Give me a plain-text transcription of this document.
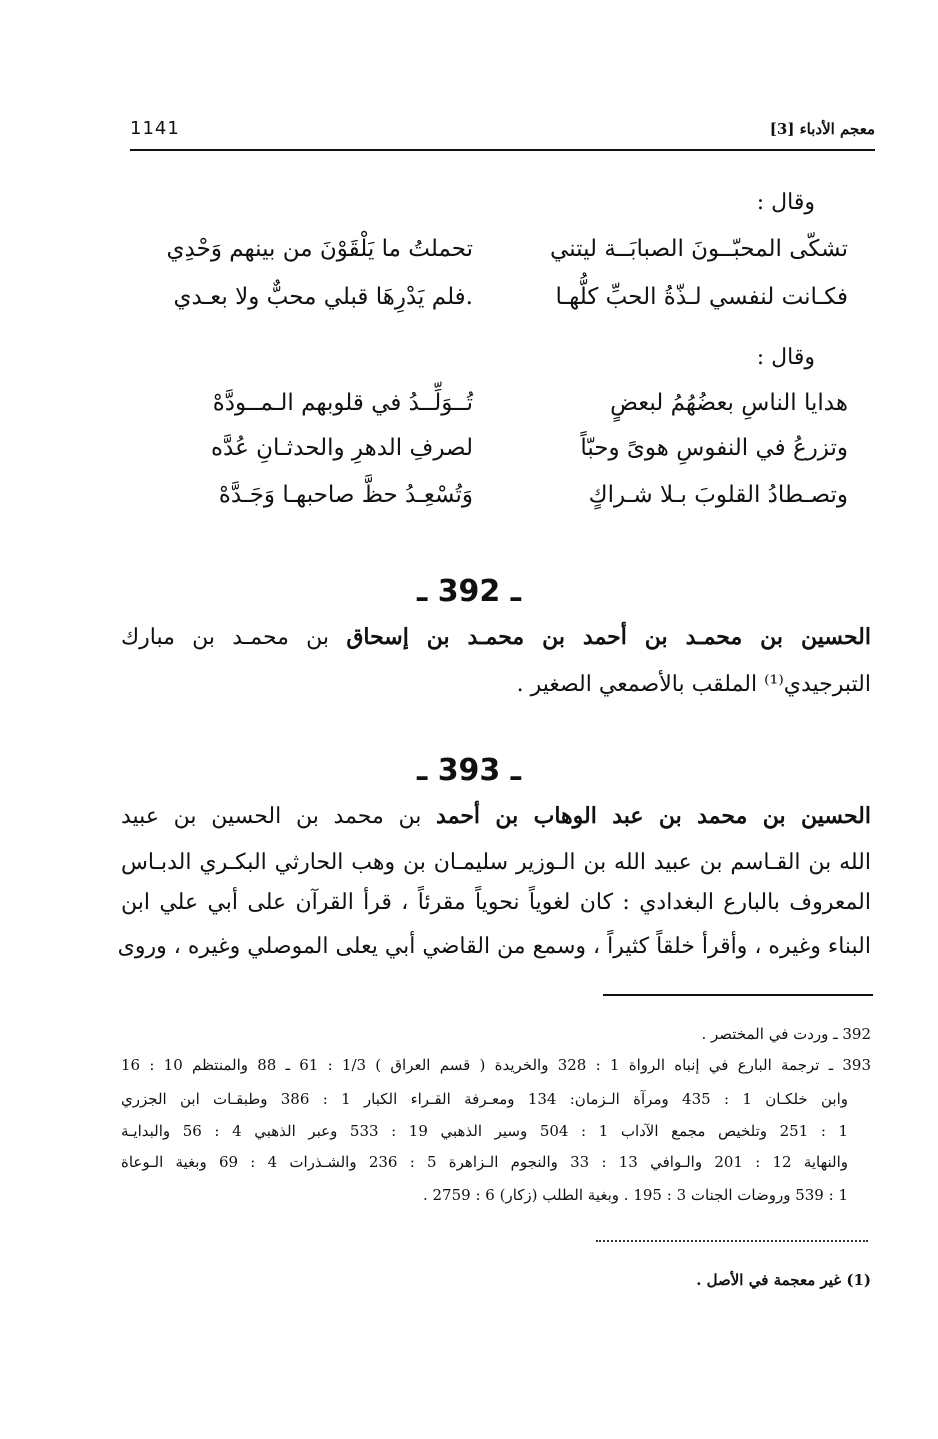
1141	معجم الأدباء [3]
وقال :
تشكّى المحبّــونَ الصبابَــة ليتني
تحملتُ ما يَلْقَوْنَ من بينهم وَحْدِي
فكـانت لنفسي لـذّةُ الحبِّ كلُّهـا
.فلم يَدْرِهَا قبلي محبٌّ ولا بعـدي
وقال :
هدايا الناسِ بعضُهُمُ لبعضٍ
تُــوَلِّــدُ في قلوبهم الـمــودَّهْ
وتزرعُ في النفوسِ هوىً وحبّاً
لصرفِ الدهرِ والحدثـانِ عُدَّه
وتصـطادُ القلوبَ بـلا شـراكٍ
وَتُسْعِـدُ حظَّ صاحبهـا وَجَـدَّهْ
ـ 392 ـ
الحسين بن محمـد بن أحمد بن محمـد بن إسحاق بن محمـد بن مبارك
التبرجيدي⁽¹⁾ الملقب بالأصمعي الصغير .
ـ 393 ـ
الحسين بن محمد بن عبد الوهاب بن أحمد بن محمد بن الحسين بن عبيد
الله بن القـاسم بن عبيد الله بن الـوزير سليمـان بن وهب الحارثي البكـري الدبـاس
المعروف بالبارع البغدادي : كان لغوياً نحوياً مقرئاً ، قرأ القرآن على أبي علي ابن
البناء وغيره ، وأقرأ خلقاً كثيراً ، وسمع من القاضي أبي يعلى الموصلي وغيره ، وروى
392 ـ وردت في المختصر .
393 ـ ترجمة البارع في إنباه الرواة 1 : 328 والخريدة ( قسم العراق ) 1/3 : 61 ـ 88 والمنتظم 10 : 16
وابن خلكـان 1 : 435 ومرآة الـزمان: 134 ومعـرفة القـراء الكبار 1 : 386 وطبقـات ابن الجزري
1 : 251 وتلخيص مجمع الآداب 1 : 504 وسير الذهبي 19 : 533 وعبر الذهبي 4 : 56 والبدايـة
والنهاية 12 : 201 والـوافي 13 : 33 والنجوم الـزاهرة 5 : 236 والشـذرات 4 : 69 وبغية الـوعاة
1 : 539 وروضات الجنات 3 : 195 . وبغية الطلب (زكار) 6 : 2759 .
(1) غير معجمة في الأصل .
